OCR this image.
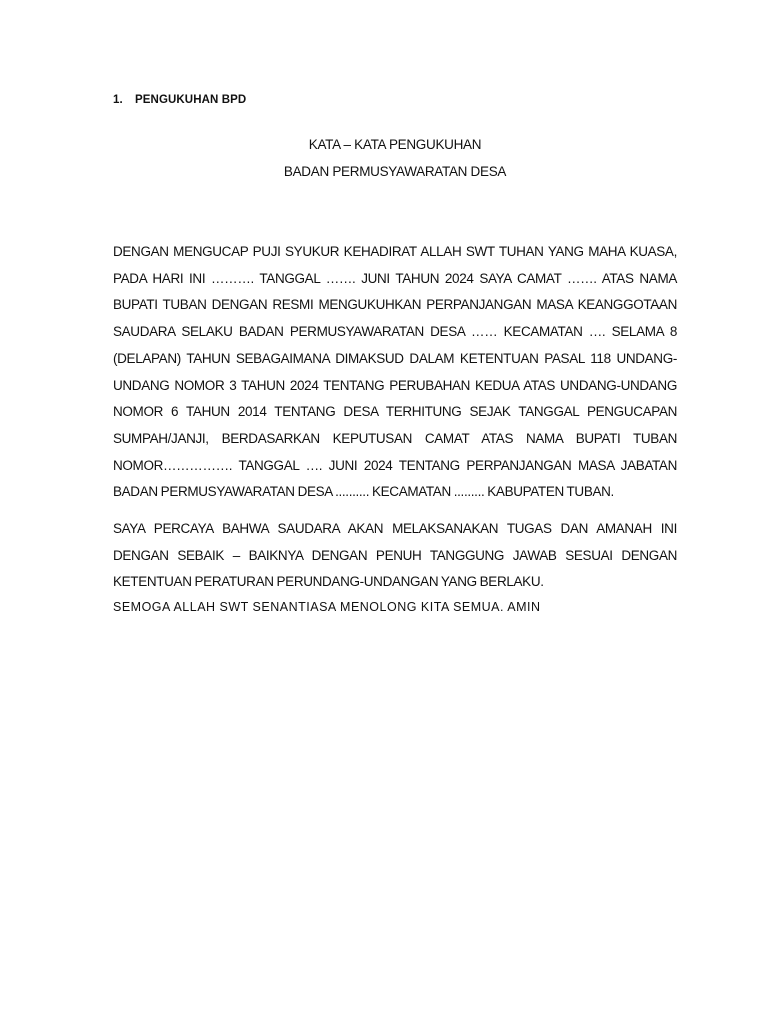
1. PENGUKUHAN BPD
KATA – KATA PENGUKUHAN
BADAN PERMUSYAWARATAN DESA

DENGAN MENGUCAP PUJI SYUKUR KEHADIRAT ALLAH SWT TUHAN YANG MAHA KUASA, PADA HARI INI ………. TANGGAL ……. JUNI TAHUN 2024 SAYA CAMAT ……. ATAS NAMA BUPATI TUBAN DENGAN RESMI MENGUKUHKAN PERPANJANGAN MASA KEANGGOTAAN SAUDARA SELAKU BADAN PERMUSYAWARATAN DESA …… KECAMATAN …. SELAMA 8 (DELAPAN) TAHUN SEBAGAIMANA DIMAKSUD DALAM KETENTUAN PASAL 118 UNDANG-UNDANG NOMOR 3 TAHUN 2024 TENTANG PERUBAHAN KEDUA ATAS UNDANG-UNDANG NOMOR 6 TAHUN 2014 TENTANG DESA TERHITUNG SEJAK TANGGAL PENGUCAPAN SUMPAH/JANJI, BERDASARKAN KEPUTUSAN CAMAT ATAS NAMA BUPATI TUBAN NOMOR……………. TANGGAL …. JUNI 2024 TENTANG PERPANJANGAN MASA JABATAN BADAN PERMUSYAWARATAN DESA .......... KECAMATAN ......... KABUPATEN TUBAN.

SAYA PERCAYA BAHWA SAUDARA AKAN MELAKSANAKAN TUGAS DAN AMANAH INI DENGAN SEBAIK – BAIKNYA DENGAN PENUH TANGGUNG JAWAB SESUAI DENGAN KETENTUAN PERATURAN PERUNDANG-UNDANGAN YANG BERLAKU.

SEMOGA ALLAH SWT SENANTIASA MENOLONG KITA SEMUA. AMIN
